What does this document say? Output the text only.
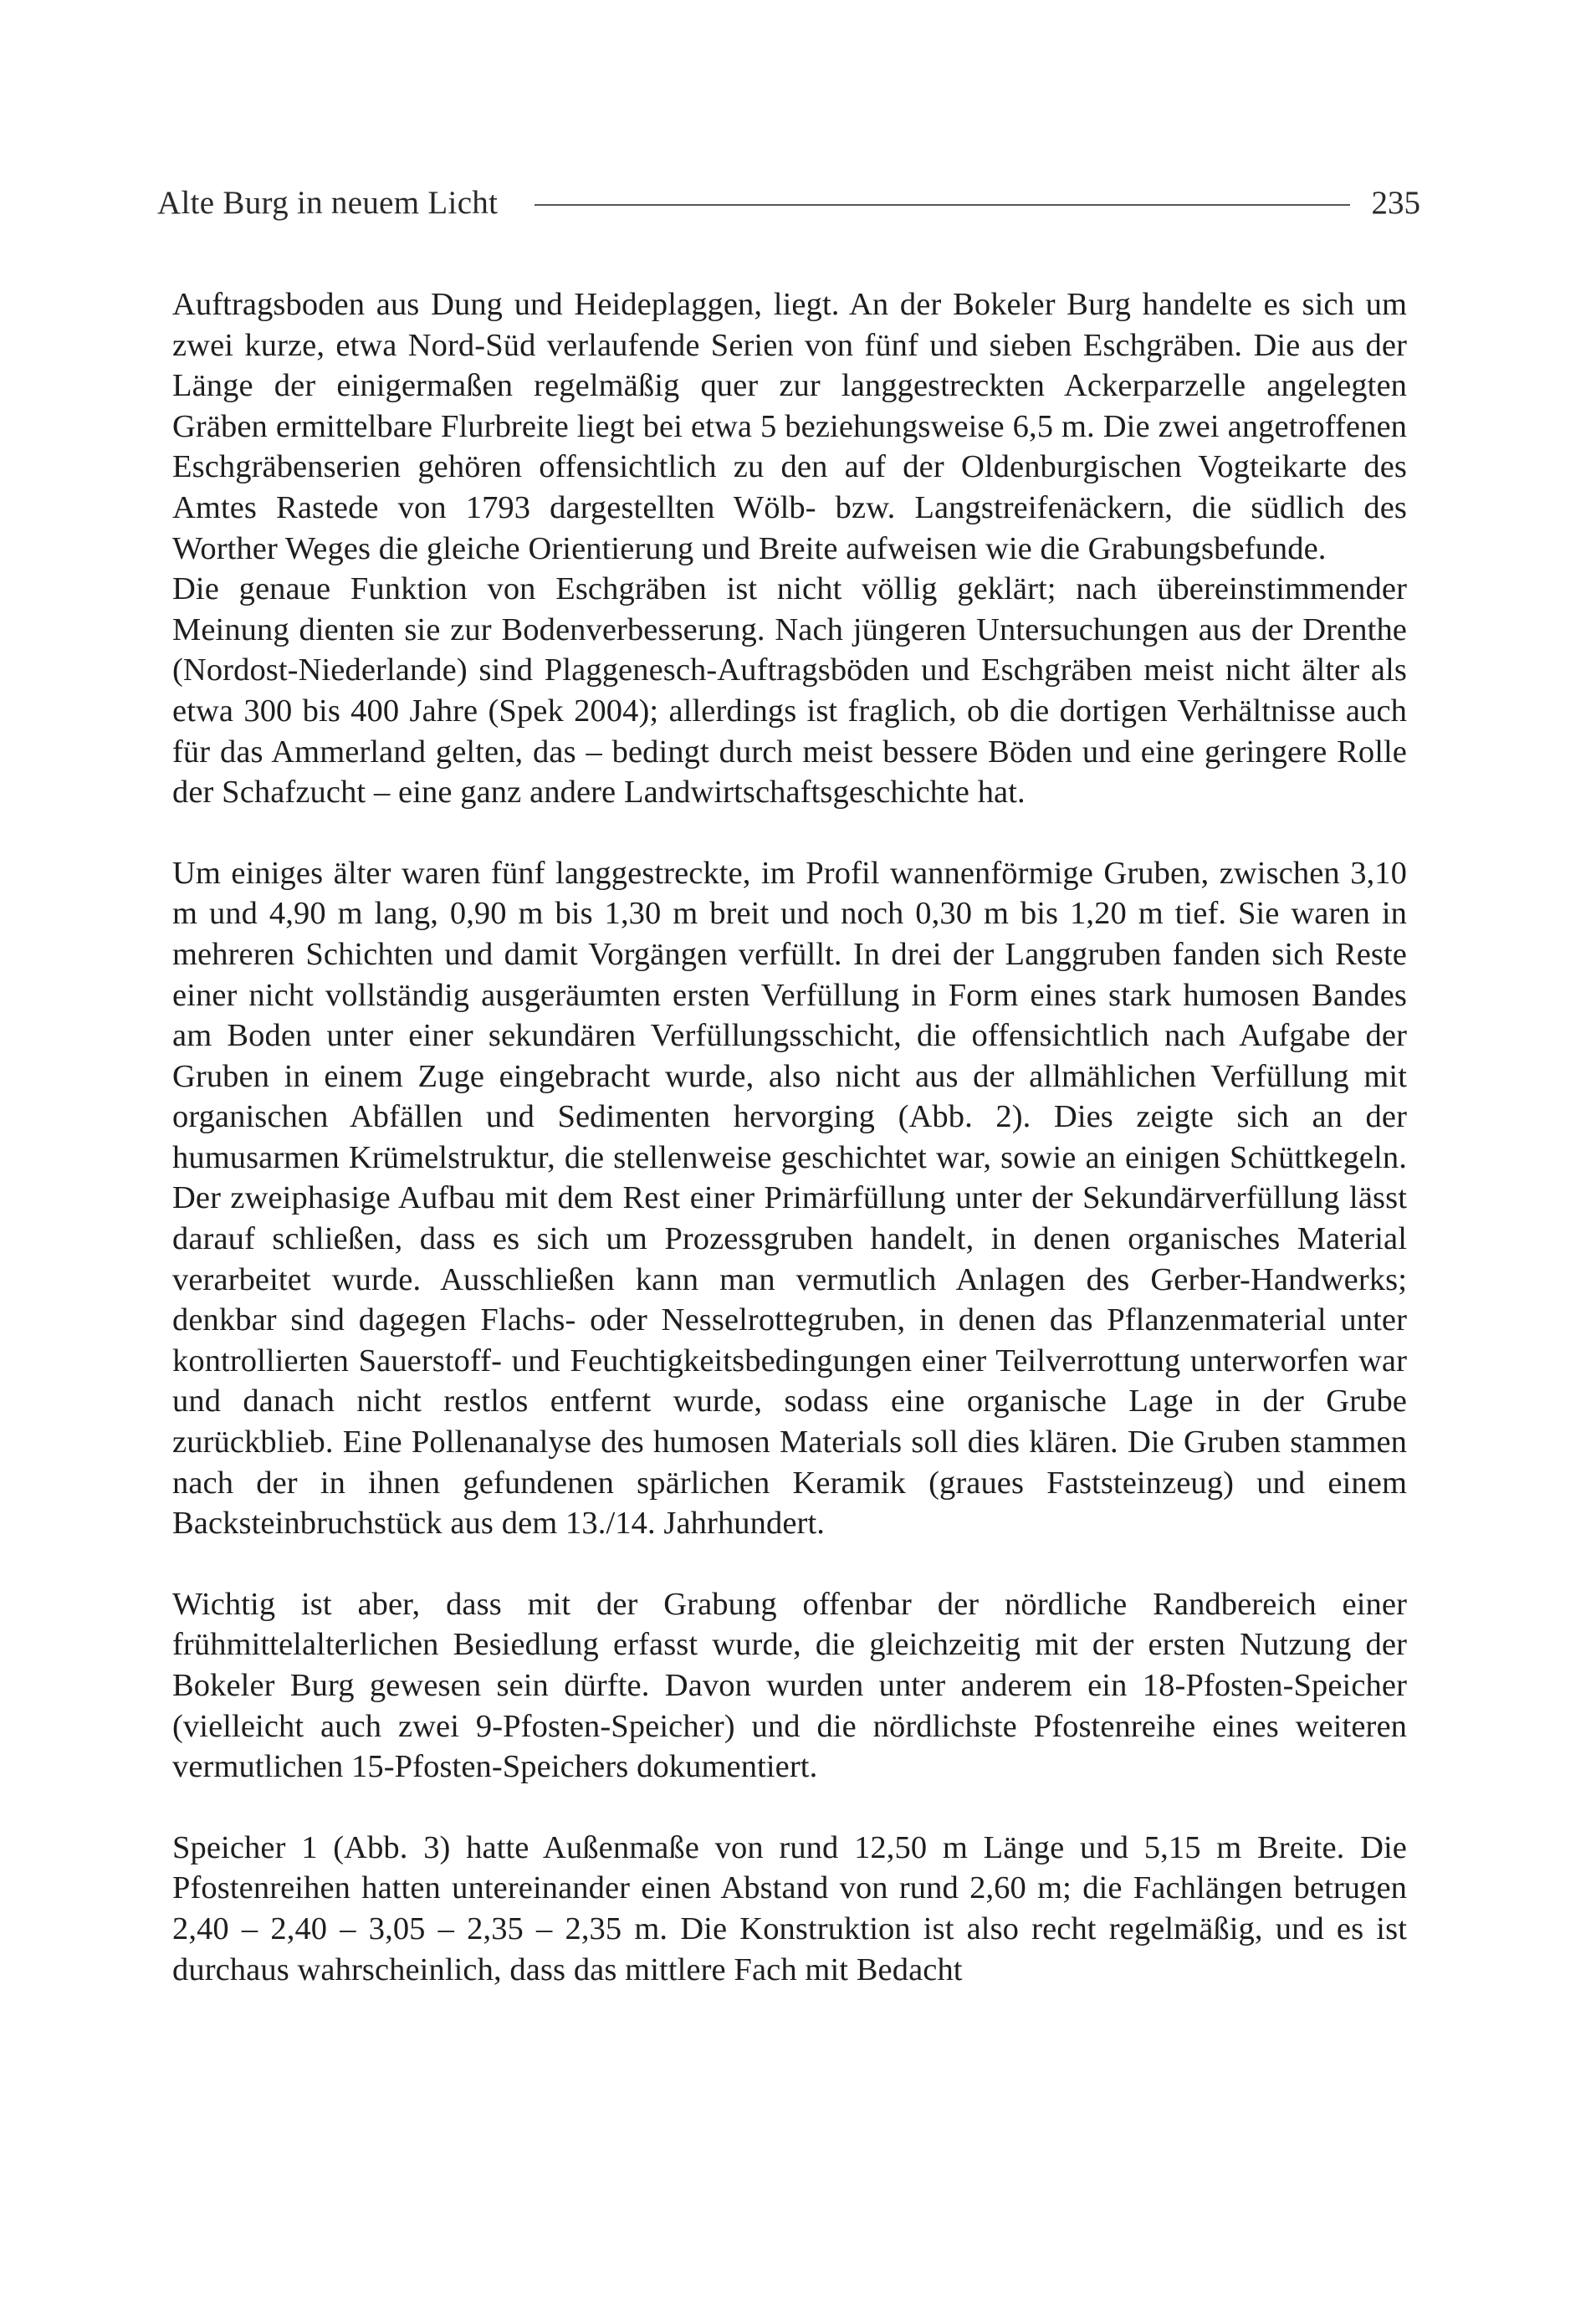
Alte Burg in neuem Licht	235

Auftragsboden aus Dung und Heideplaggen, liegt. An der Bokeler Burg handelte es sich um zwei kurze, etwa Nord-Süd verlaufende Serien von fünf und sieben Eschgräben. Die aus der Länge der einigermaßen regelmäßig quer zur langgestreckten Ackerparzelle angelegten Gräben ermittelbare Flurbreite liegt bei etwa 5 beziehungsweise 6,5 m. Die zwei angetroffenen Eschgräbenserien gehören offensichtlich zu den auf der Oldenburgischen Vogteikarte des Amtes Rastede von 1793 dargestellten Wölb- bzw. Langstreifenäckern, die südlich des Worther Weges die gleiche Orientierung und Breite aufweisen wie die Grabungsbefunde.

Die genaue Funktion von Eschgräben ist nicht völlig geklärt; nach übereinstimmender Meinung dienten sie zur Bodenverbesserung. Nach jüngeren Untersuchungen aus der Drenthe (Nordost-Niederlande) sind Plaggenesch-Auftragsböden und Eschgräben meist nicht älter als etwa 300 bis 400 Jahre (Spek 2004); allerdings ist fraglich, ob die dortigen Verhältnisse auch für das Ammerland gelten, das – bedingt durch meist bessere Böden und eine geringere Rolle der Schafzucht – eine ganz andere Landwirtschaftsgeschichte hat.

Um einiges älter waren fünf langgestreckte, im Profil wannenförmige Gruben, zwischen 3,10 m und 4,90 m lang, 0,90 m bis 1,30 m breit und noch 0,30 m bis 1,20 m tief. Sie waren in mehreren Schichten und damit Vorgängen verfüllt. In drei der Langgruben fanden sich Reste einer nicht vollständig ausgeräumten ersten Verfüllung in Form eines stark humosen Bandes am Boden unter einer sekundären Verfüllungsschicht, die offensichtlich nach Aufgabe der Gruben in einem Zuge eingebracht wurde, also nicht aus der allmählichen Verfüllung mit organischen Abfällen und Sedimenten hervorging (Abb. 2). Dies zeigte sich an der humusarmen Krümelstruktur, die stellenweise geschichtet war, sowie an einigen Schüttkegeln. Der zweiphasige Aufbau mit dem Rest einer Primärfüllung unter der Sekundärverfüllung lässt darauf schließen, dass es sich um Prozessgruben handelt, in denen organisches Material verarbeitet wurde. Ausschließen kann man vermutlich Anlagen des Gerber-Handwerks; denkbar sind dagegen Flachs- oder Nesselrottegruben, in denen das Pflanzenmaterial unter kontrollierten Sauerstoff- und Feuchtigkeitsbedingungen einer Teilverrottung unterworfen war und danach nicht restlos entfernt wurde, sodass eine organische Lage in der Grube zurückblieb. Eine Pollenanalyse des humosen Materials soll dies klären. Die Gruben stammen nach der in ihnen gefundenen spärlichen Keramik (graues Faststeinzeug) und einem Backsteinbruchstück aus dem 13./14. Jahrhundert.

Wichtig ist aber, dass mit der Grabung offenbar der nördliche Randbereich einer frühmittelalterlichen Besiedlung erfasst wurde, die gleichzeitig mit der ersten Nutzung der Bokeler Burg gewesen sein dürfte. Davon wurden unter anderem ein 18-Pfosten-Speicher (vielleicht auch zwei 9-Pfosten-Speicher) und die nördlichste Pfostenreihe eines weiteren vermutlichen 15-Pfosten-Speichers dokumentiert.

Speicher 1 (Abb. 3) hatte Außenmaße von rund 12,50 m Länge und 5,15 m Breite. Die Pfostenreihen hatten untereinander einen Abstand von rund 2,60 m; die Fachlängen betrugen 2,40 – 2,40 – 3,05 – 2,35 – 2,35 m. Die Konstruktion ist also recht regelmäßig, und es ist durchaus wahrscheinlich, dass das mittlere Fach mit Bedacht
